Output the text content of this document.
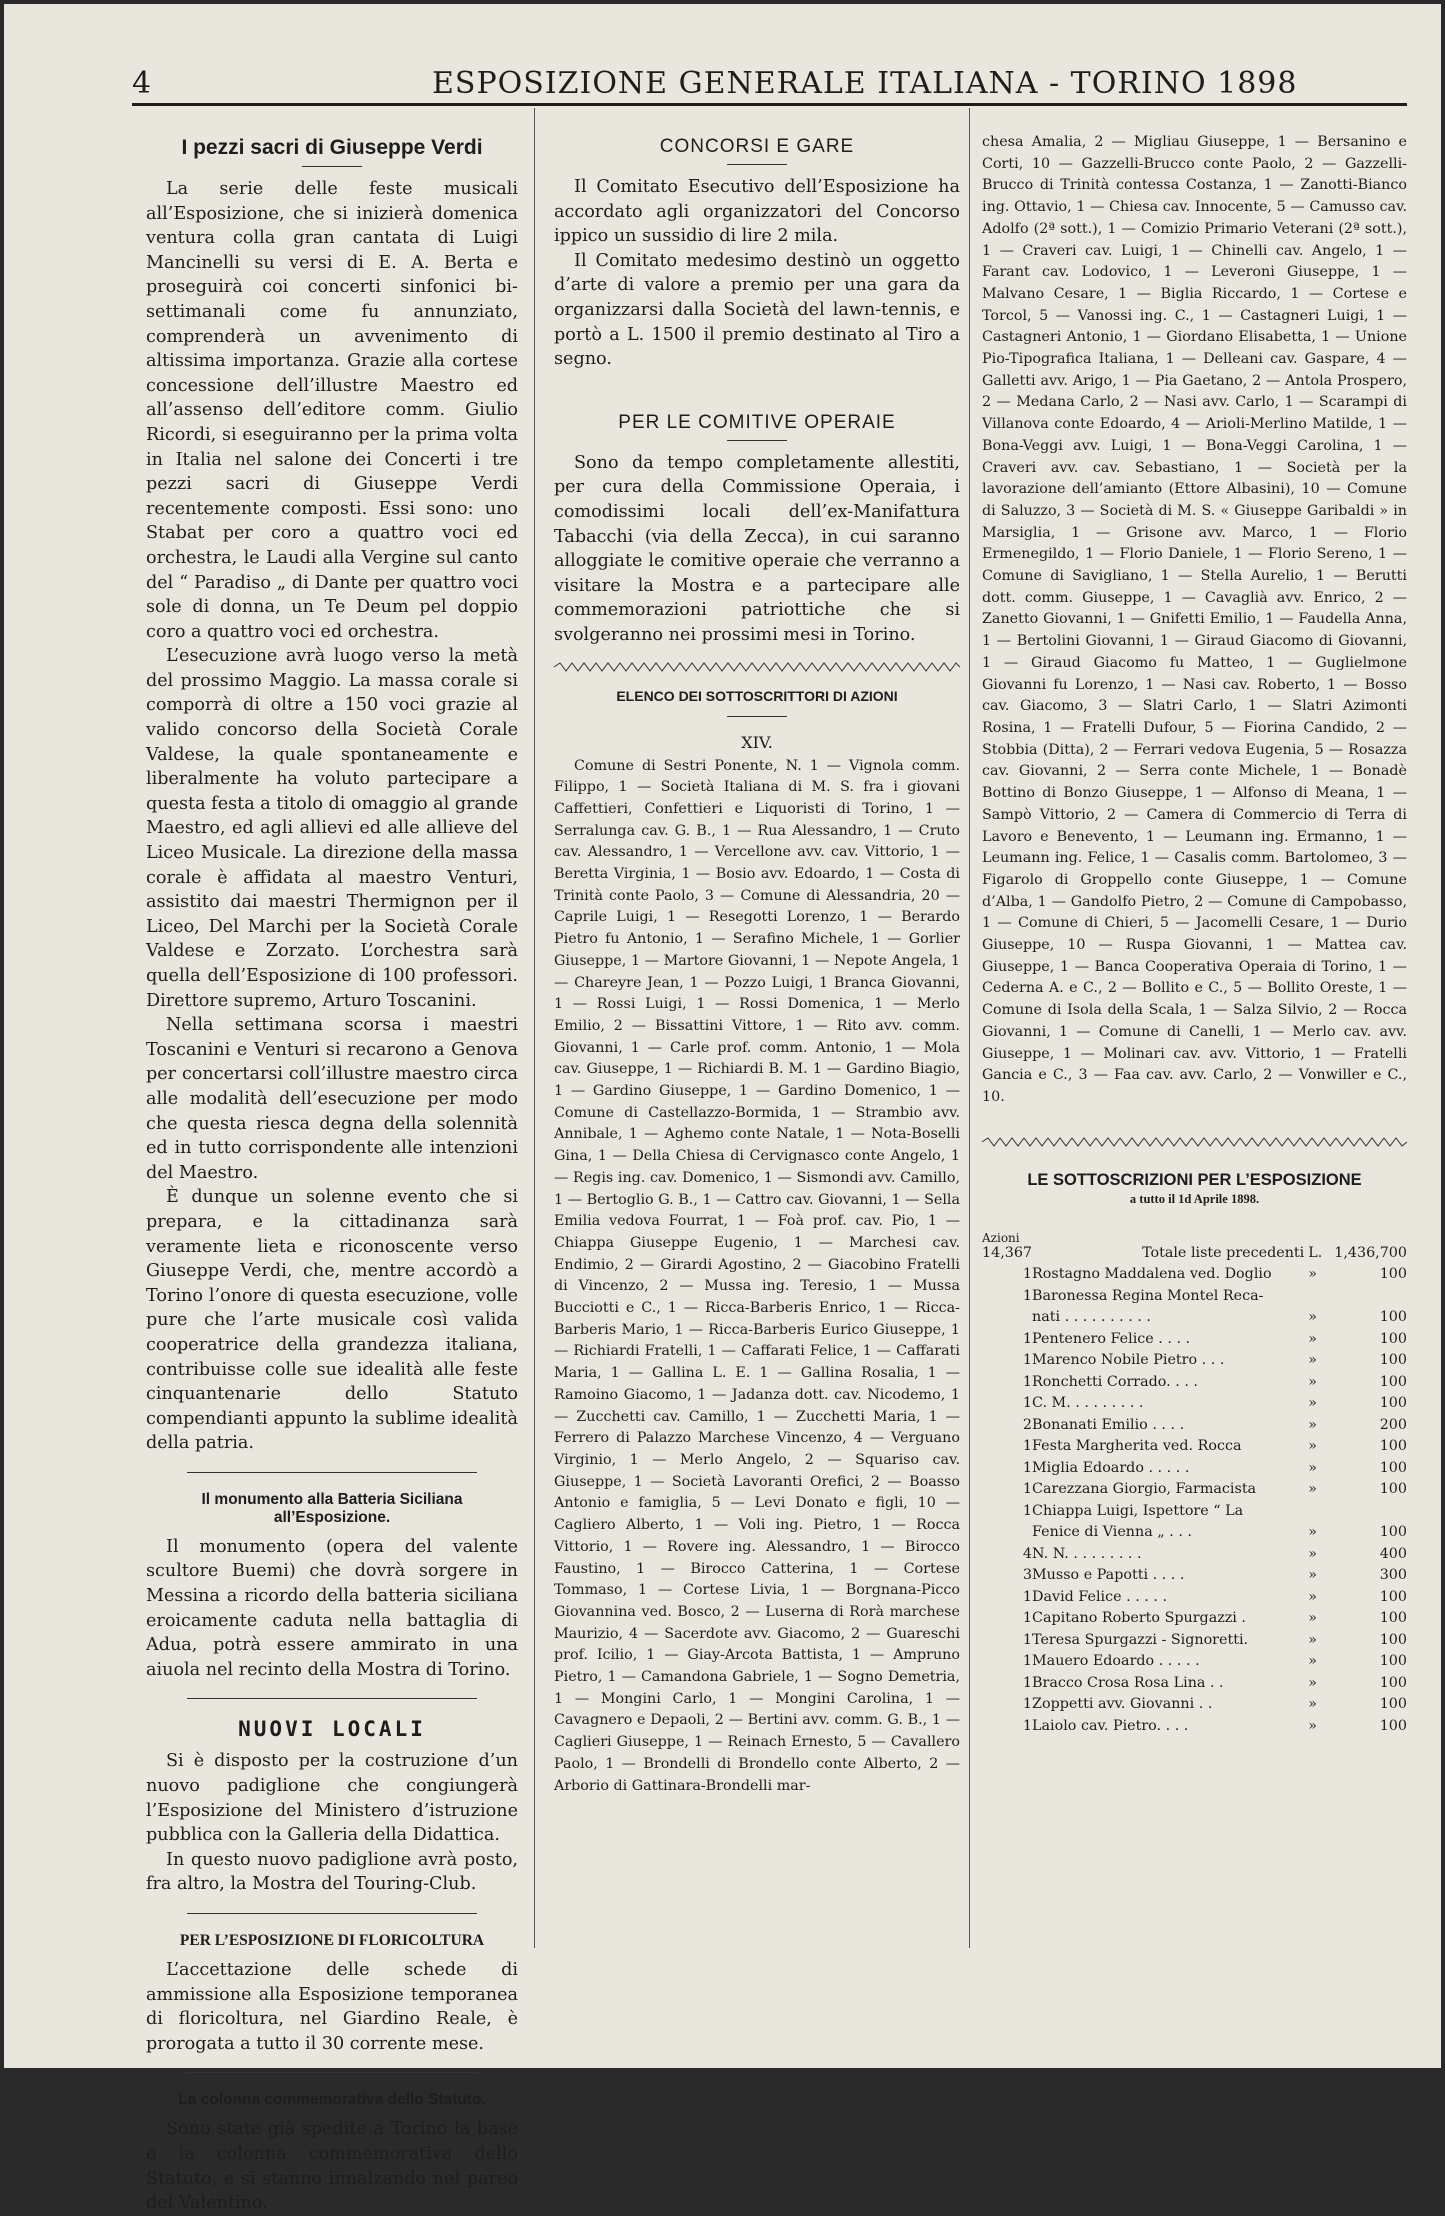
4	ESPOSIZIONE GENERALE ITALIANA - TORINO 1898
I pezzi sacri di Giuseppe Verdi

La serie delle feste musicali all’Esposizione, che si inizierà domenica ventura colla gran cantata di Luigi Mancinelli su versi di E. A. Berta e proseguirà coi concerti sinfonici bi-settimanali come fu annunziato, comprenderà un avvenimento di altissima importanza. Grazie alla cortese concessione dell’illustre Maestro ed all’assenso dell’editore comm. Giulio Ricordi, si eseguiranno per la prima volta in Italia nel salone dei Concerti i tre pezzi sacri di Giuseppe Verdi recentemente composti. Essi sono: uno Stabat per coro a quattro voci ed orchestra, le Laudi alla Vergine sul canto del “ Paradiso „ di Dante per quattro voci sole di donna, un Te Deum pel doppio coro a quattro voci ed orchestra.

L’esecuzione avrà luogo verso la metà del prossimo Maggio. La massa corale si comporrà di oltre a 150 voci grazie al valido concorso della Società Corale Valdese, la quale spontaneamente e liberalmente ha voluto partecipare a questa festa a titolo di omaggio al grande Maestro, ed agli allievi ed alle allieve del Liceo Musicale. La direzione della massa corale è affidata al maestro Venturi, assistito dai maestri Thermignon per il Liceo, Del Marchi per la Società Corale Valdese e Zorzato. L’orchestra sarà quella dell’Esposizione di 100 professori. Direttore supremo, Arturo Toscanini.

Nella settimana scorsa i maestri Toscanini e Venturi si recarono a Genova per concertarsi coll’illustre maestro circa alle modalità dell’esecuzione per modo che questa riesca degna della solennità ed in tutto corrispondente alle intenzioni del Maestro.

È dunque un solenne evento che si prepara, e la cittadinanza sarà veramente lieta e riconoscente verso Giuseppe Verdi, che, mentre accordò a Torino l’onore di questa esecuzione, volle pure che l’arte musicale così valida cooperatrice della grandezza italiana, contribuisse colle sue idealità alle feste cinquantenarie dello Statuto compendianti appunto la sublime idealità della patria.

Il monumento alla Batteria Siciliana all’Esposizione.

Il monumento (opera del valente scultore Buemi) che dovrà sorgere in Messina a ricordo della batteria siciliana eroicamente caduta nella battaglia di Adua, potrà essere ammirato in una aiuola nel recinto della Mostra di Torino.

NUOVI LOCALI

Si è disposto per la costruzione d’un nuovo padiglione che congiungerà l’Esposizione del Ministero d’istruzione pubblica con la Galleria della Didattica.

In questo nuovo padiglione avrà posto, fra altro, la Mostra del Touring-Club.

PER L’ESPOSIZIONE DI FLORICOLTURA

L’accettazione delle schede di ammissione alla Esposizione temporanea di floricoltura, nel Giardino Reale, è prorogata a tutto il 30 corrente mese.

La colonna commemorativa dello Statuto.

Sono state già spedite a Torino la base e la colonna commemorativa dello Statuto, e si stanno innalzando nel pareo del Valentino.

CONCORSI E GARE

Il Comitato Esecutivo dell’Esposizione ha accordato agli organizzatori del Concorso ippico un sussidio di lire 2 mila.

Il Comitato medesimo destinò un oggetto d’arte di valore a premio per una gara da organizzarsi dalla Società del lawn-tennis, e portò a L. 1500 il premio destinato al Tiro a segno.

PER LE COMITIVE OPERAIE

Sono da tempo completamente allestiti, per cura della Commissione Operaia, i comodissimi locali dell’ex-Manifattura Tabacchi (via della Zecca), in cui saranno alloggiate le comitive operaie che verranno a visitare la Mostra e a partecipare alle commemorazioni patriottiche che si svolgeranno nei prossimi mesi in Torino.

ELENCO DEI SOTTOSCRITTORI DI AZIONI
XIV.

Comune di Sestri Ponente, N. 1 — Vignola comm. Filippo, 1 — Società Italiana di M. S. fra i giovani Caffettieri, Confettieri e Liquoristi di Torino, 1 — Serralunga cav. G. B., 1 — Rua Alessandro, 1 — Cruto cav. Alessandro, 1 — Vercellone avv. cav. Vittorio, 1 — Beretta Virginia, 1 — Bosio avv. Edoardo, 1 — Costa di Trinità conte Paolo, 3 — Comune di Alessandria, 20 — Caprile Luigi, 1 — Resegotti Lorenzo, 1 — Berardo Pietro fu Antonio, 1 — Serafino Michele, 1 — Gorlier Giuseppe, 1 — Martore Giovanni, 1 — Nepote Angela, 1 — Chareyre Jean, 1 — Pozzo Luigi, 1 Branca Giovanni, 1 — Rossi Luigi, 1 — Rossi Domenica, 1 — Merlo Emilio, 2 — Bissattini Vittore, 1 — Rito avv. comm. Giovanni, 1 — Carle prof. comm. Antonio, 1 — Mola cav. Giuseppe, 1 — Richiardi B. M. 1 — Gardino Biagio, 1 — Gardino Giuseppe, 1 — Gardino Domenico, 1 — Comune di Castellazzo-Bormida, 1 — Strambio avv. Annibale, 1 — Aghemo conte Natale, 1 — Nota-Boselli Gina, 1 — Della Chiesa di Cervignasco conte Angelo, 1 — Regis ing. cav. Domenico, 1 — Sismondi avv. Camillo, 1 — Bertoglio G. B., 1 — Cattro cav. Giovanni, 1 — Sella Emilia vedova Fourrat, 1 — Foà prof. cav. Pio, 1 — Chiappa Giuseppe Eugenio, 1 — Marchesi cav. Endimio, 2 — Girardi Agostino, 2 — Giacobino Fratelli di Vincenzo, 2 — Mussa ing. Teresio, 1 — Mussa Bucciotti e C., 1 — Ricca-Barberis Enrico, 1 — Ricca-Barberis Mario, 1 — Ricca-Barberis Eurico Giuseppe, 1 — Richiardi Fratelli, 1 — Caffarati Felice, 1 — Caffarati Maria, 1 — Gallina L. E. 1 — Gallina Rosalia, 1 — Ramoino Giacomo, 1 — Jadanza dott. cav. Nicodemo, 1 — Zucchetti cav. Camillo, 1 — Zucchetti Maria, 1 — Ferrero di Palazzo Marchese Vincenzo, 4 — Verguano Virginio, 1 — Merlo Angelo, 2 — Squariso cav. Giuseppe, 1 — Società Lavoranti Orefici, 2 — Boasso Antonio e famiglia, 5 — Levi Donato e figli, 10 — Cagliero Alberto, 1 — Voli ing. Pietro, 1 — Rocca Vittorio, 1 — Rovere ing. Alessandro, 1 — Birocco Faustino, 1 — Birocco Catterina, 1 — Cortese Tommaso, 1 — Cortese Livia, 1 — Borgnana-Picco Giovannina ved. Bosco, 2 — Luserna di Rorà marchese Maurizio, 4 — Sacerdote avv. Giacomo, 2 — Guareschi prof. Icilio, 1 — Giay-Arcota Battista, 1 — Ampruno Pietro, 1 — Camandona Gabriele, 1 — Sogno Demetria, 1 — Mongini Carlo, 1 — Mongini Carolina, 1 — Cavagnero e Depaoli, 2 — Bertini avv. comm. G. B., 1 — Caglieri Giuseppe, 1 — Reinach Ernesto, 5 — Cavallero Paolo, 1 — Brondelli di Brondello conte Alberto, 2 — Arborio di Gattinara-Brondelli mar-

chesa Amalia, 2 — Migliau Giuseppe, 1 — Bersanino e Corti, 10 — Gazzelli-Brucco conte Paolo, 2 — Gazzelli-Brucco di Trinità contessa Costanza, 1 — Zanotti-Bianco ing. Ottavio, 1 — Chiesa cav. Innocente, 5 — Camusso cav. Adolfo (2ª sott.), 1 — Comizio Primario Veterani (2ª sott.), 1 — Craveri cav. Luigi, 1 — Chinelli cav. Angelo, 1 — Farant cav. Lodovico, 1 — Leveroni Giuseppe, 1 — Malvano Cesare, 1 — Biglia Riccardo, 1 — Cortese e Torcol, 5 — Vanossi ing. C., 1 — Castagneri Luigi, 1 — Castagneri Antonio, 1 — Giordano Elisabetta, 1 — Unione Pio-Tipografica Italiana, 1 — Delleani cav. Gaspare, 4 — Galletti avv. Arigo, 1 — Pia Gaetano, 2 — Antola Prospero, 2 — Medana Carlo, 2 — Nasi avv. Carlo, 1 — Scarampi di Villanova conte Edoardo, 4 — Arioli-Merlino Matilde, 1 — Bona-Veggi avv. Luigi, 1 — Bona-Veggi Carolina, 1 — Craveri avv. cav. Sebastiano, 1 — Società per la lavorazione dell’amianto (Ettore Albasini), 10 — Comune di Saluzzo, 3 — Società di M. S. « Giuseppe Garibaldi » in Marsiglia, 1 — Grisone avv. Marco, 1 — Florio Ermenegildo, 1 — Florio Daniele, 1 — Florio Sereno, 1 — Comune di Savigliano, 1 — Stella Aurelio, 1 — Berutti dott. comm. Giuseppe, 1 — Cavaglià avv. Enrico, 2 — Zanetto Giovanni, 1 — Gnifetti Emilio, 1 — Faudella Anna, 1 — Bertolini Giovanni, 1 — Giraud Giacomo di Giovanni, 1 — Giraud Giacomo fu Matteo, 1 — Guglielmone Giovanni fu Lorenzo, 1 — Nasi cav. Roberto, 1 — Bosso cav. Giacomo, 3 — Slatri Carlo, 1 — Slatri Azimonti Rosina, 1 — Fratelli Dufour, 5 — Fiorina Candido, 2 — Stobbia (Ditta), 2 — Ferrari vedova Eugenia, 5 — Rosazza cav. Giovanni, 2 — Serra conte Michele, 1 — Bonadè Bottino di Bonzo Giuseppe, 1 — Alfonso di Meana, 1 — Sampò Vittorio, 2 — Camera di Commercio di Terra di Lavoro e Benevento, 1 — Leumann ing. Ermanno, 1 — Leumann ing. Felice, 1 — Casalis comm. Bartolomeo, 3 — Figarolo di Groppello conte Giuseppe, 1 — Comune d’Alba, 1 — Gandolfo Pietro, 2 — Comune di Campobasso, 1 — Comune di Chieri, 5 — Jacomelli Cesare, 1 — Durio Giuseppe, 10 — Ruspa Giovanni, 1 — Mattea cav. Giuseppe, 1 — Banca Cooperativa Operaia di Torino, 1 — Cederna A. e C., 2 — Bollito e C., 5 — Bollito Oreste, 1 — Comune di Isola della Scala, 1 — Salza Silvio, 2 — Rocca Giovanni, 1 — Comune di Canelli, 1 — Merlo cav. avv. Giuseppe, 1 — Molinari cav. avv. Vittorio, 1 — Fratelli Gancia e C., 3 — Faa cav. avv. Carlo, 2 — Vonwiller e C., 10.

LE SOTTOSCRIZIONI PER L’ESPOSIZIONE
a tutto il 1d Aprile 1898.
Azioni
14,367	Totale liste precedenti	L.	1,436,700
1	Rostagno Maddalena ved. Doglio	»	100
1	Baronessa Regina Montel Reca-		
	nati . . . . . . . . . .	»	100
1	Pentenero Felice . . . .	»	100
1	Marenco Nobile Pietro . . .	»	100
1	Ronchetti Corrado. . . .	»	100
1	C. M. . . . . . . . .	»	100
2	Bonanati Emilio . . . .	»	200
1	Festa Margherita ved. Rocca	»	100
1	Miglia Edoardo . . . . .	»	100
1	Carezzana Giorgio, Farmacista	»	100
1	Chiappa Luigi, Ispettore “ La		
	Fenice di Vienna „ . . .	»	100
4	N. N. . . . . . . . .	»	400
3	Musso e Papotti . . . .	»	300
1	David Felice . . . . .	»	100
1	Capitano Roberto Spurgazzi .	»	100
1	Teresa Spurgazzi - Signoretti.	»	100
1	Mauero Edoardo . . . . .	»	100
1	Bracco Crosa Rosa Lina . .	»	100
1	Zoppetti avv. Giovanni . .	»	100
1	Laiolo cav. Pietro. . . .	»	100
